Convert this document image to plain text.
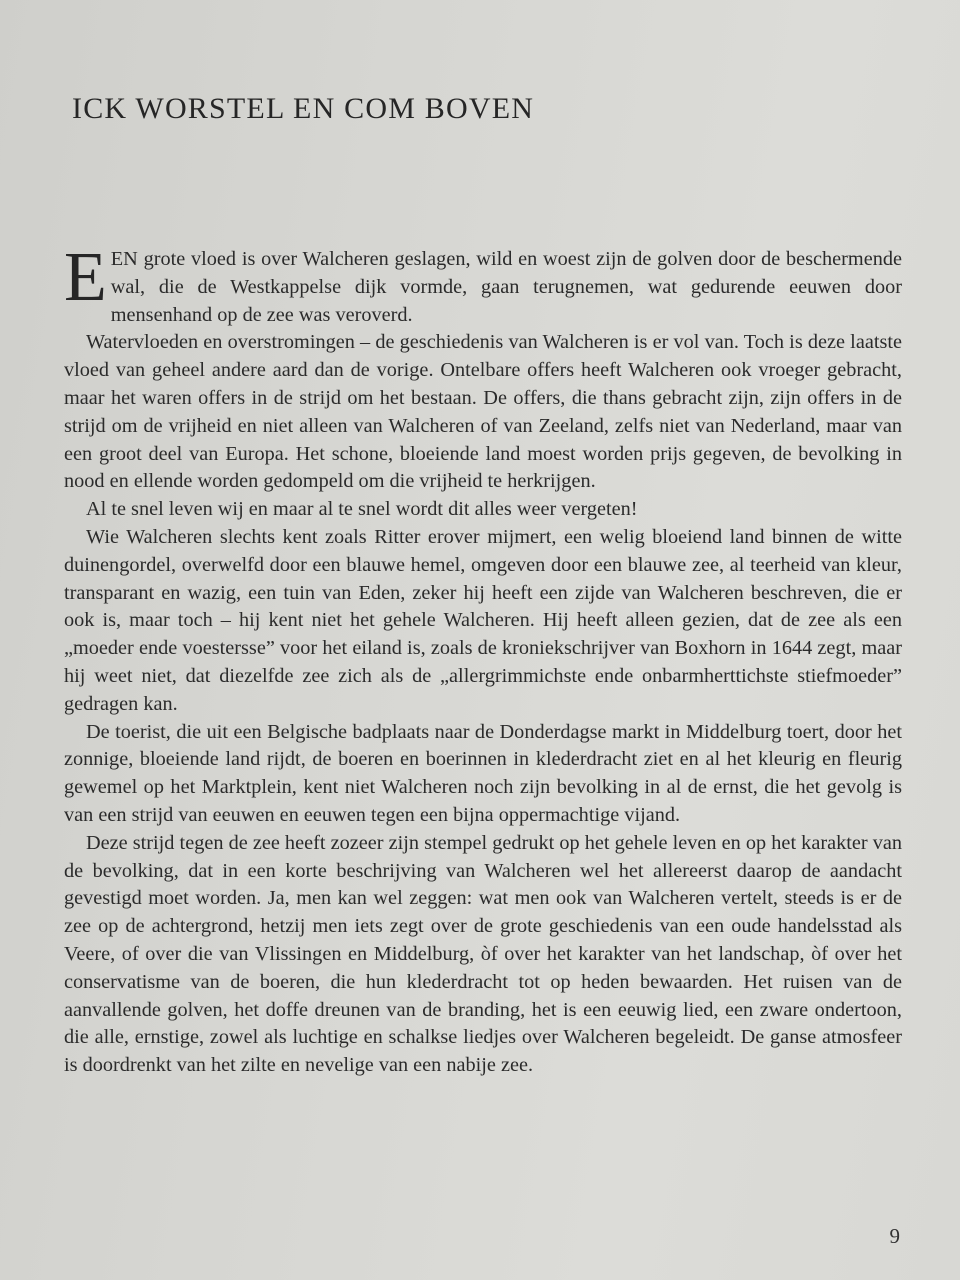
ICK WORSTEL EN COM BOVEN

EEN grote vloed is over Walcheren geslagen, wild en woest zijn de golven door de beschermende wal, die de Westkappelse dijk vormde, gaan terugnemen, wat gedurende eeuwen door mensenhand op de zee was veroverd.

Watervloeden en overstromingen – de geschiedenis van Walcheren is er vol van. Toch is deze laatste vloed van geheel andere aard dan de vorige. Ontelbare offers heeft Walcheren ook vroeger gebracht, maar het waren offers in de strijd om het bestaan. De offers, die thans gebracht zijn, zijn offers in de strijd om de vrijheid en niet alleen van Walcheren of van Zeeland, zelfs niet van Nederland, maar van een groot deel van Europa. Het schone, bloeiende land moest worden prijs gegeven, de bevolking in nood en ellende worden gedompeld om die vrijheid te herkrijgen.

Al te snel leven wij en maar al te snel wordt dit alles weer vergeten!

Wie Walcheren slechts kent zoals Ritter erover mijmert, een welig bloeiend land binnen de witte duinengordel, overwelfd door een blauwe hemel, omgeven door een blauwe zee, al teerheid van kleur, transparant en wazig, een tuin van Eden, zeker hij heeft een zijde van Walcheren beschreven, die er ook is, maar toch – hij kent niet het gehele Walcheren. Hij heeft alleen gezien, dat de zee als een „moeder ende voestersse” voor het eiland is, zoals de kroniekschrijver van Boxhorn in 1644 zegt, maar hij weet niet, dat diezelfde zee zich als de „allergrimmichste ende onbarmherttichste stiefmoeder” gedragen kan.

De toerist, die uit een Belgische badplaats naar de Donderdagse markt in Middelburg toert, door het zonnige, bloeiende land rijdt, de boeren en boerinnen in klederdracht ziet en al het kleurig en fleurig gewemel op het Marktplein, kent niet Walcheren noch zijn bevolking in al de ernst, die het gevolg is van een strijd van eeuwen en eeuwen tegen een bijna oppermachtige vijand.

Deze strijd tegen de zee heeft zozeer zijn stempel gedrukt op het gehele leven en op het karakter van de bevolking, dat in een korte beschrijving van Walcheren wel het allereerst daarop de aandacht gevestigd moet worden. Ja, men kan wel zeggen: wat men ook van Walcheren vertelt, steeds is er de zee op de achtergrond, hetzij men iets zegt over de grote geschiedenis van een oude handelsstad als Veere, of over die van Vlissingen en Middelburg, òf over het karakter van het landschap, òf over het conservatisme van de boeren, die hun klederdracht tot op heden bewaarden. Het ruisen van de aanvallende golven, het doffe dreunen van de branding, het is een eeuwig lied, een zware ondertoon, die alle, ernstige, zowel als luchtige en schalkse liedjes over Walcheren begeleidt. De ganse atmosfeer is doordrenkt van het zilte en nevelige van een nabije zee.

9
